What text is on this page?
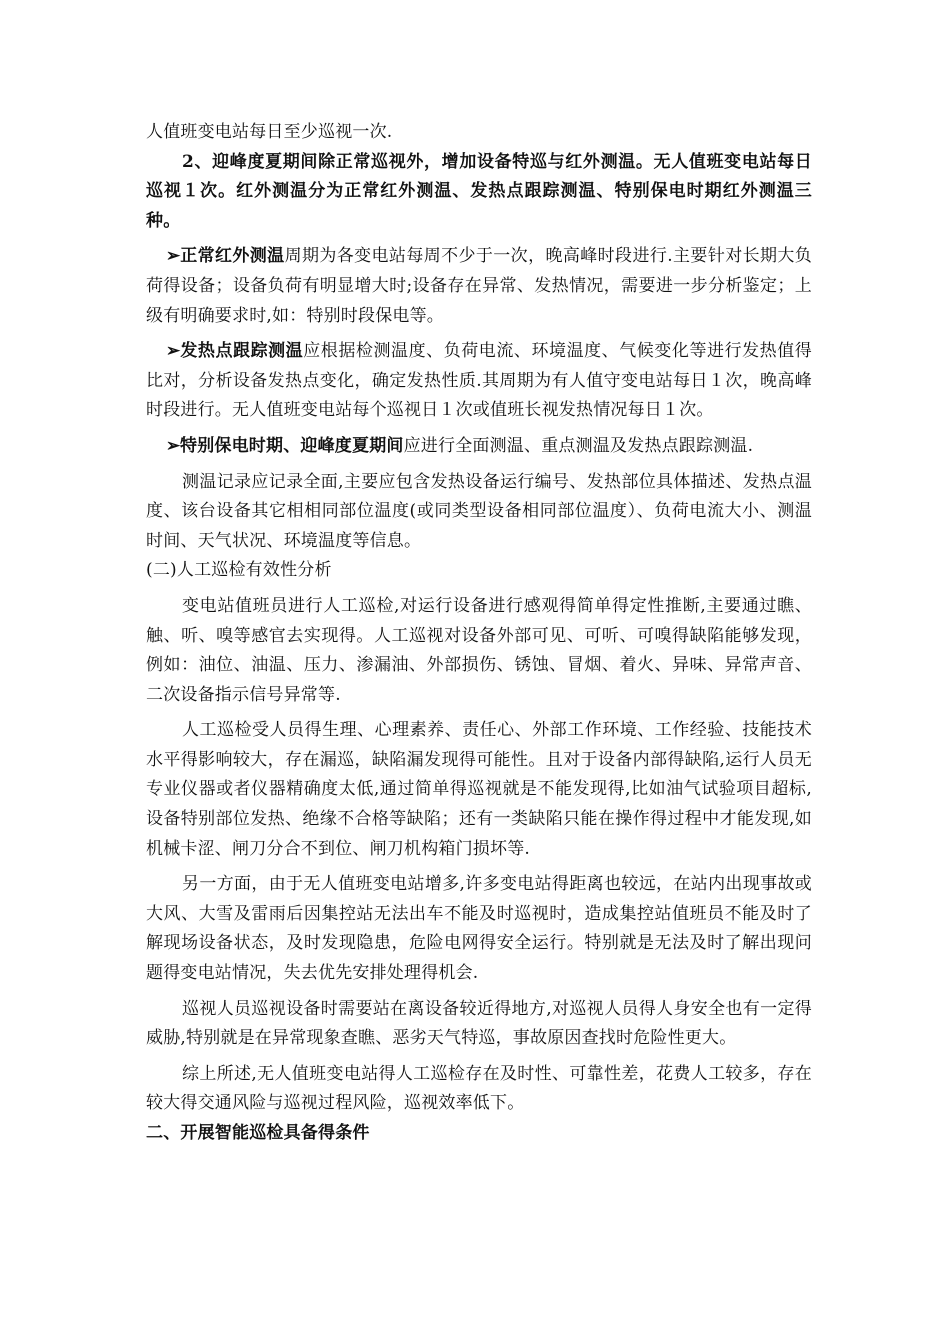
人值班变电站每日至少巡视一次.

2、迎峰度夏期间除正常巡视外，增加设备特巡与红外测温。无人值班变电站每日巡视１次。红外测温分为正常红外测温、发热点跟踪测温、特别保电时期红外测温三种。

➢正常红外测温周期为各变电站每周不少于一次，晚高峰时段进行.主要针对长期大负荷得设备；设备负荷有明显增大时;设备存在异常、发热情况，需要进一步分析鉴定；上级有明确要求时,如：特别时段保电等。

➢发热点跟踪测温应根据检测温度、负荷电流、环境温度、气候变化等进行发热值得比对，分析设备发热点变化，确定发热性质.其周期为有人值守变电站每日１次，晚高峰时段进行。无人值班变电站每个巡视日１次或值班长视发热情况每日１次。

➢特别保电时期、迎峰度夏期间应进行全面测温、重点测温及发热点跟踪测温.

测温记录应记录全面,主要应包含发热设备运行编号、发热部位具体描述、发热点温度、该台设备其它相相同部位温度(或同类型设备相同部位温度）、负荷电流大小、测温时间、天气状况、环境温度等信息。

(二)人工巡检有效性分析

变电站值班员进行人工巡检,对运行设备进行感观得简单得定性推断,主要通过瞧、触、听、嗅等感官去实现得。人工巡视对设备外部可见、可听、可嗅得缺陷能够发现，例如：油位、油温、压力、渗漏油、外部损伤、锈蚀、冒烟、着火、异味、异常声音、二次设备指示信号异常等.

人工巡检受人员得生理、心理素养、责任心、外部工作环境、工作经验、技能技术水平得影响较大，存在漏巡，缺陷漏发现得可能性。且对于设备内部得缺陷,运行人员无专业仪器或者仪器精确度太低,通过简单得巡视就是不能发现得,比如油气试验项目超标,设备特别部位发热、绝缘不合格等缺陷；还有一类缺陷只能在操作得过程中才能发现,如机械卡涩、闸刀分合不到位、闸刀机构箱门损坏等.

另一方面，由于无人值班变电站增多,许多变电站得距离也较远，在站内出现事故或大风、大雪及雷雨后因集控站无法出车不能及时巡视时，造成集控站值班员不能及时了解现场设备状态，及时发现隐患，危险电网得安全运行。特别就是无法及时了解出现问题得变电站情况，失去优先安排处理得机会.

巡视人员巡视设备时需要站在离设备较近得地方,对巡视人员得人身安全也有一定得威胁,特别就是在异常现象查瞧、恶劣天气特巡，事故原因查找时危险性更大。

综上所述,无人值班变电站得人工巡检存在及时性、可靠性差，花费人工较多，存在较大得交通风险与巡视过程风险，巡视效率低下。

二、开展智能巡检具备得条件
